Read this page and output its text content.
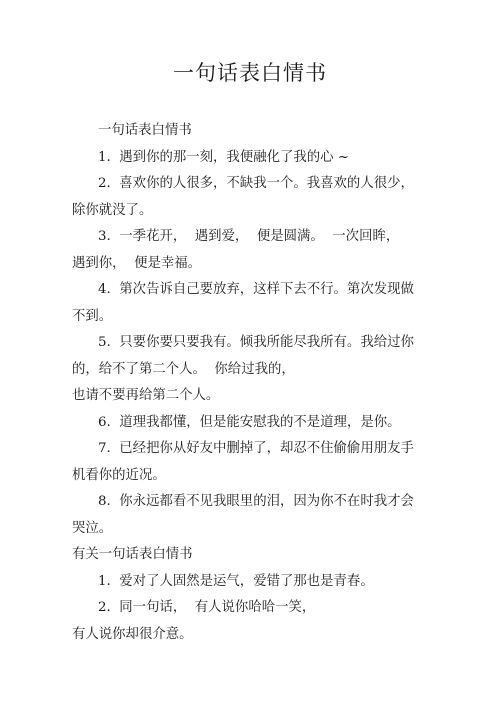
一句话表白情书

一句话表白情书

1.  遇到你的那一刻，我便融化了我的心 ~

2.  喜欢你的人很多，不缺我一个。我喜欢的人很少，

除你就没了。

3.  一季花开，  遇到爱，  便是圆满。  一次回眸，

遇到你，  便是幸福。

4.  第次告诉自己要放弃，这样下去不行。第次发现做

不到。

5.  只要你要只要我有。倾我所能尽我所有。我给过你

的，给不了第二个人。  你给过我的，

也请不要再给第二个人。

6.  道理我都懂，但是能安慰我的不是道理，是你。

7.  已经把你从好友中删掉了，却忍不住偷偷用朋友手

机看你的近况。

8.  你永远都看不见我眼里的泪，因为你不在时我才会

哭泣。

有关一句话表白情书

1.  爱对了人固然是运气，爱错了那也是青春。

2.  同一句话，  有人说你哈哈一笑，

有人说你却很介意。
